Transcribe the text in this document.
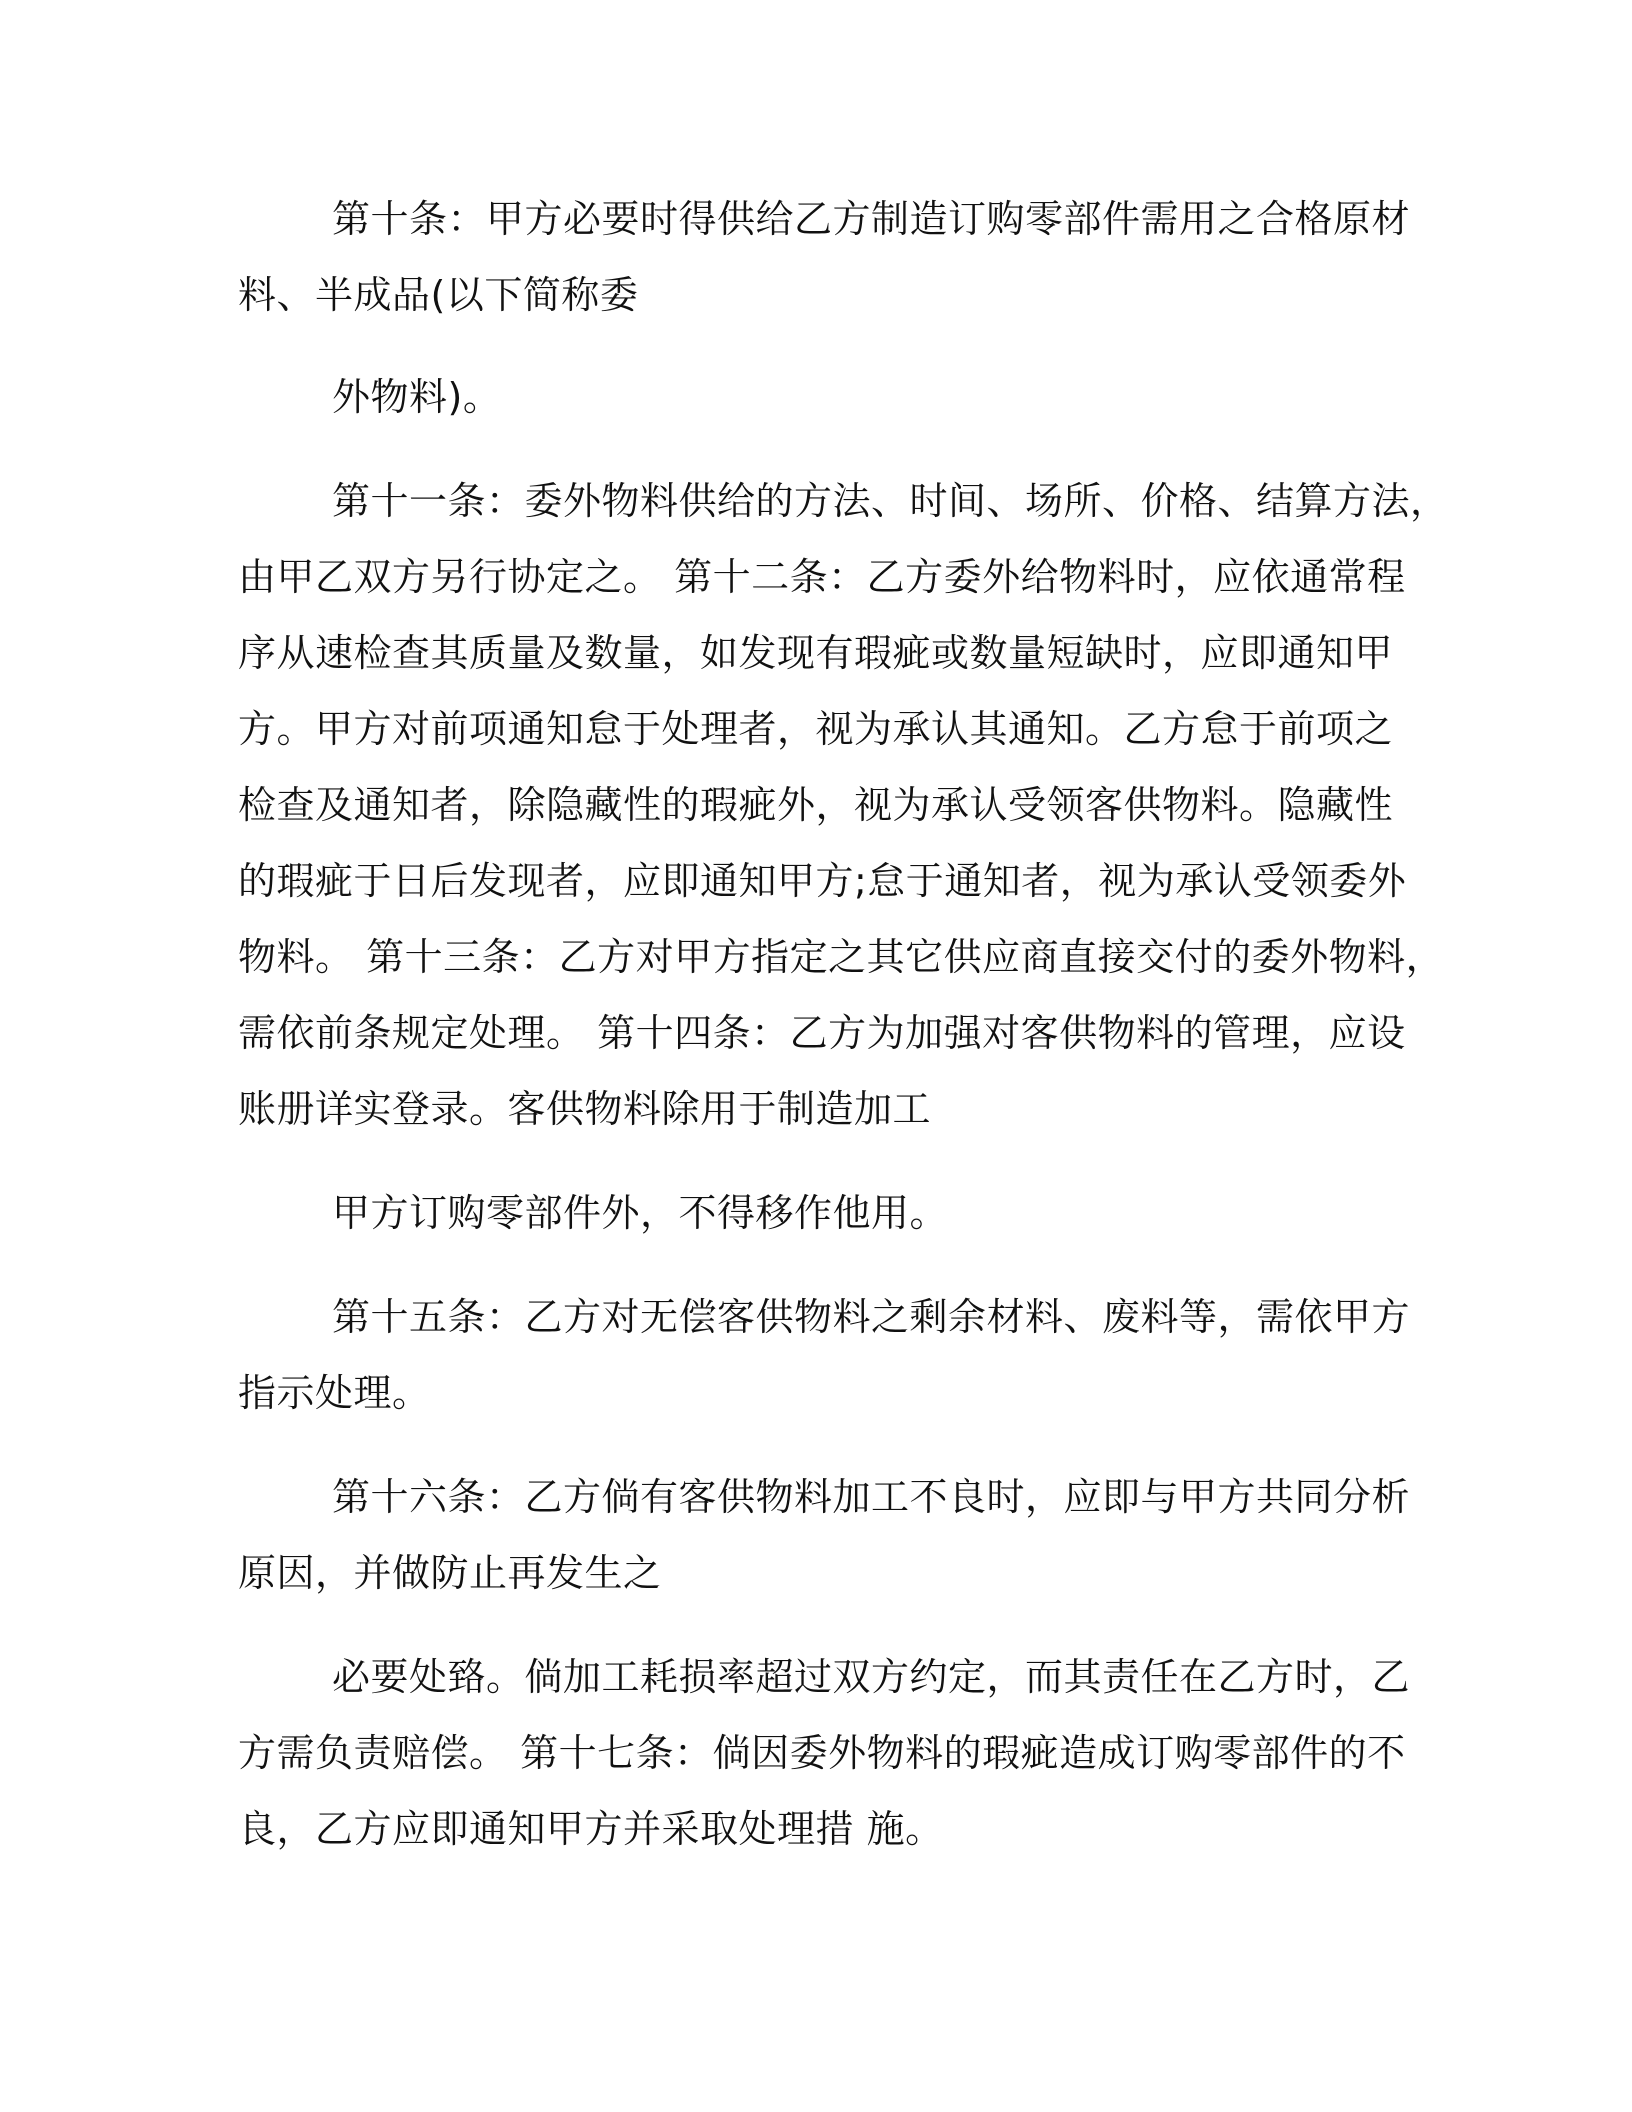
第十条：甲方必要时得供给乙方制造订购零部件需用之合格原材
料、半成品(以下简称委
外物料)。
第十一条：委外物料供给的方法、时间、场所、价格、结算方法，
由甲乙双方另行协定之。 第十二条：乙方委外给物料时，应依通常程
序从速检查其质量及数量，如发现有瑕疵或数量短缺时，应即通知甲
方。甲方对前项通知怠于处理者，视为承认其通知。乙方怠于前项之
检查及通知者，除隐藏性的瑕疵外，视为承认受领客供物料。隐藏性
的瑕疵于日后发现者，应即通知甲方;怠于通知者，视为承认受领委外
物料。 第十三条：乙方对甲方指定之其它供应商直接交付的委外物料，
需依前条规定处理。 第十四条：乙方为加强对客供物料的管理，应设
账册详实登录。客供物料除用于制造加工
甲方订购零部件外，不得移作他用。
第十五条：乙方对无偿客供物料之剩余材料、废料等，需依甲方
指示处理。
第十六条：乙方倘有客供物料加工不良时，应即与甲方共同分析
原因，并做防止再发生之
必要处臵。倘加工耗损率超过双方约定，而其责任在乙方时，乙
方需负责赔偿。 第十七条：倘因委外物料的瑕疵造成订购零部件的不
良，乙方应即通知甲方并采取处理措 施。
